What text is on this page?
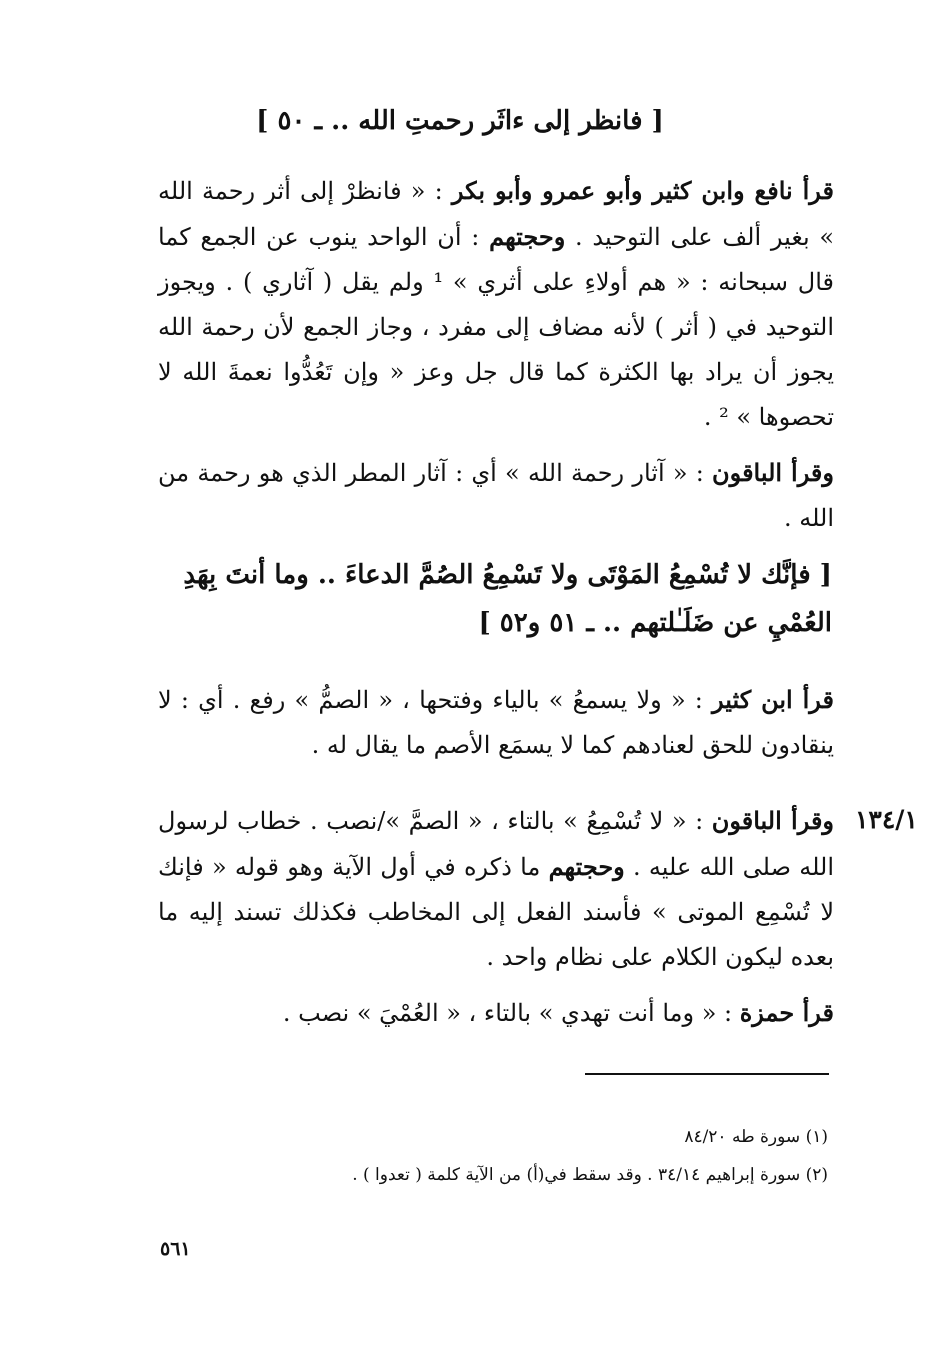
[ فانظر إلى ءاثَر رحمتِ الله .. ـ ٥٠ ]
قرأ نافع وابن كثير وأبو عمرو وأبو بكر : « فانظرْ إلى أثر رحمة الله » بغير ألف على التوحيد . وحجتهم : أن الواحد ينوب عن الجمع كما قال سبحانه : « هم أولاءِ على أثري » ¹ ولم يقل ( آثاري ) . ويجوز التوحيد في ( أثر ) لأنه مضاف إلى مفرد ، وجاز الجمع لأن رحمة الله يجوز أن يراد بها الكثرة كما قال جل وعز « وإن تَعُدُّوا نعمةَ الله لا تحصوها » ² .
وقرأ الباقون : « آثار رحمة الله » أي : آثار المطر الذي هو رحمة من الله .
[ فإنَّك لا تُسْمِعُ المَوْتَى ولا تَسْمِعُ الصُمَّ الدعاءَ .. وما أنتَ بِهَدِ
العُمْيِ عن ضَلَـٰلتهم .. ـ ٥١ و٥٢ ]
قرأ ابن كثير : « ولا يسمعُ » بالياء وفتحها ، « الصمُّ » رفع . أي : لا ينقادون للحق لعنادهم كما لا يسمَع الأصم ما يقال له .
١٣٤/١
وقرأ الباقون : « لا تُسْمِعُ » بالتاء ، « الصمَّ »/نصب . خطاب لرسول الله صلى الله عليه . وحجتهم ما ذكره في أول الآية وهو قوله « فإنك لا تُسْمِع الموتى » فأسند الفعل إلى المخاطب فكذلك تسند إليه ما بعده ليكون الكلام على نظام واحد .
قرأ حمزة : « وما أنت تهدي » بالتاء ، « العُمْيَ » نصب .
(١) سورة طه ٨٤/٢٠
(٢) سورة إبراهيم ٣٤/١٤ . وقد سقط في(أ) من الآية كلمة ( تعدوا ) .
٥٦١
